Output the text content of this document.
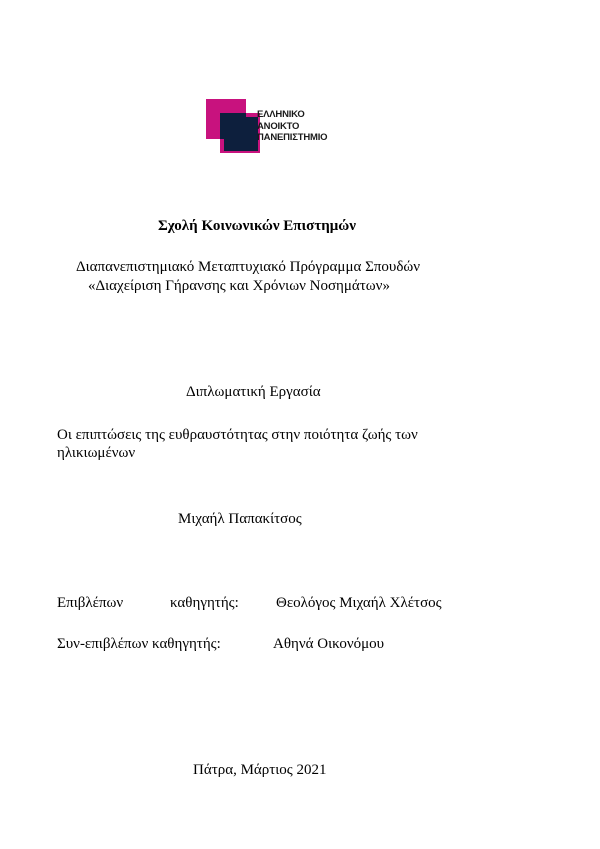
ΕΛΛΗΝΙΚΟ
ΑΝΟΙΚΤΟ
ΠΑΝΕΠΙΣΤΗΜΙΟ
Σχολή Κοινωνικών Επιστημών
Διαπανεπιστημιακό Μεταπτυχιακό Πρόγραμμα Σπουδών
«Διαχείριση Γήρανσης και Χρόνιων Νοσημάτων»
Διπλωματική Εργασία
Οι επιπτώσεις της ευθραυστότητας στην ποιότητα ζωής των
ηλικιωμένων
Μιχαήλ Παπακίτσος
Επιβλέπων	καθηγητής: Θεολόγος Μιχαήλ Χλέτσος
Συν-επιβλέπων καθηγητής:	Αθηνά Οικονόμου
Πάτρα, Μάρτιος 2021
